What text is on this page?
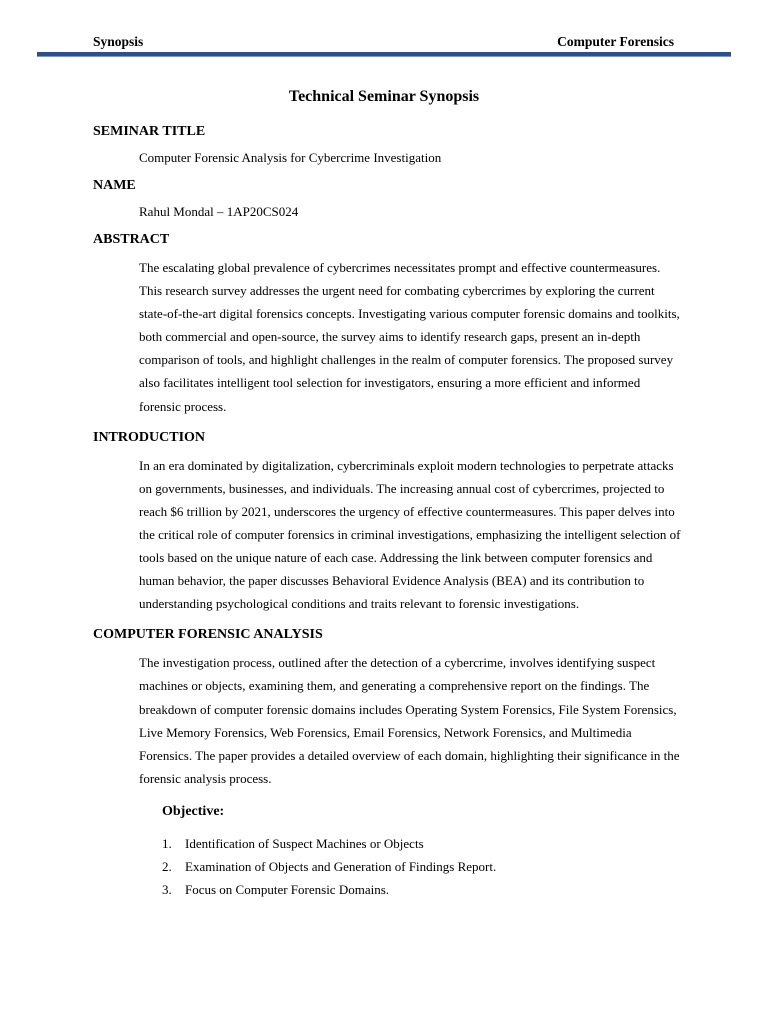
Synopsis	Computer Forensics
Technical Seminar Synopsis
SEMINAR TITLE

Computer Forensic Analysis for Cybercrime Investigation

NAME

Rahul Mondal – 1AP20CS024

ABSTRACT

The escalating global prevalence of cybercrimes necessitates prompt and effective countermeasures. This research survey addresses the urgent need for combating cybercrimes by exploring the current state-of-the-art digital forensics concepts. Investigating various computer forensic domains and toolkits, both commercial and open-source, the survey aims to identify research gaps, present an in-depth comparison of tools, and highlight challenges in the realm of computer forensics. The proposed survey also facilitates intelligent tool selection for investigators, ensuring a more efficient and informed forensic process.

INTRODUCTION

In an era dominated by digitalization, cybercriminals exploit modern technologies to perpetrate attacks on governments, businesses, and individuals. The increasing annual cost of cybercrimes, projected to reach $6 trillion by 2021, underscores the urgency of effective countermeasures. This paper delves into the critical role of computer forensics in criminal investigations, emphasizing the intelligent selection of tools based on the unique nature of each case. Addressing the link between computer forensics and human behavior, the paper discusses Behavioral Evidence Analysis (BEA) and its contribution to understanding psychological conditions and traits relevant to forensic investigations.

COMPUTER FORENSIC ANALYSIS

The investigation process, outlined after the detection of a cybercrime, involves identifying suspect machines or objects, examining them, and generating a comprehensive report on the findings. The breakdown of computer forensic domains includes Operating System Forensics, File System Forensics, Live Memory Forensics, Web Forensics, Email Forensics, Network Forensics, and Multimedia Forensics. The paper provides a detailed overview of each domain, highlighting their significance in the forensic analysis process.

Objective:
1.	Identification of Suspect Machines or Objects
2.	Examination of Objects and Generation of Findings Report.
3.	Focus on Computer Forensic Domains.
